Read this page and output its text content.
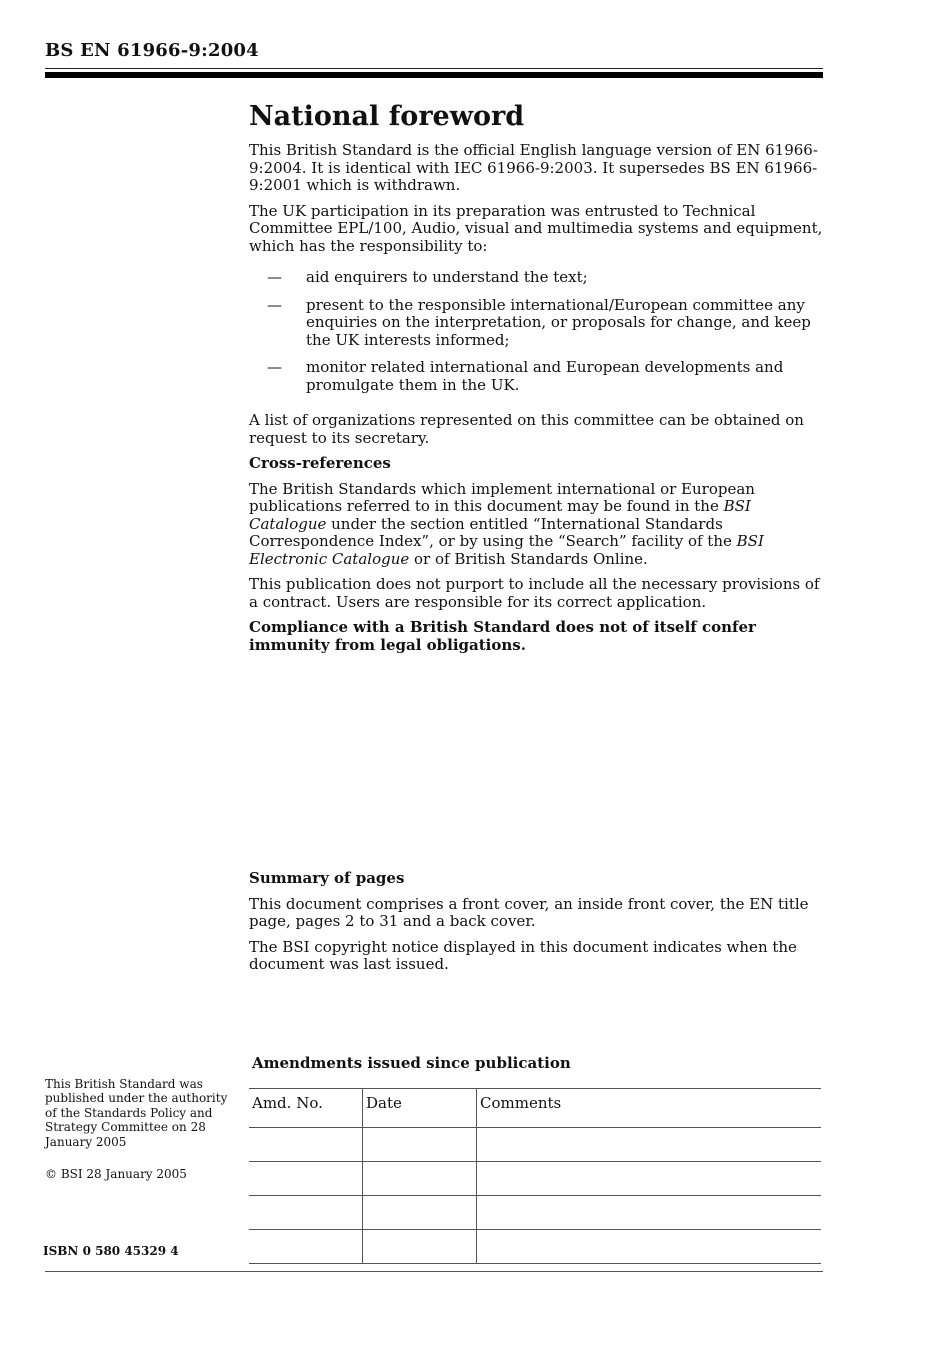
BS EN 61966-9:2004
National foreword

This British Standard is the official English language version of EN 61966-9:2004. It is identical with IEC 61966-9:2003. It supersedes BS EN 61966-9:2001 which is withdrawn.

The UK participation in its preparation was entrusted to Technical Committee EPL/100, Audio, visual and multimedia systems and equipment, which has the responsibility to:

— aid enquirers to understand the text;
— present to the responsible international/European committee any enquiries on the interpretation, or proposals for change, and keep the UK interests informed;
— monitor related international and European developments and promulgate them in the UK.

A list of organizations represented on this committee can be obtained on request to its secretary.

Cross-references

The British Standards which implement international or European publications referred to in this document may be found in the BSI Catalogue under the section entitled “International Standards Correspondence Index”, or by using the “Search” facility of the BSI Electronic Catalogue or of British Standards Online.

This publication does not purport to include all the necessary provisions of a contract. Users are responsible for its correct application.

Compliance with a British Standard does not of itself confer immunity from legal obligations.

Summary of pages

This document comprises a front cover, an inside front cover, the EN title page, pages 2 to 31 and a back cover.

The BSI copyright notice displayed in this document indicates when the document was last issued.

This British Standard was published under the authority of the Standards Policy and Strategy Committee on 28 January 2005

© BSI 28 January 2005

ISBN 0 580 45329 4
Amendments issued since publication
Amd. No.	Date	Comments
